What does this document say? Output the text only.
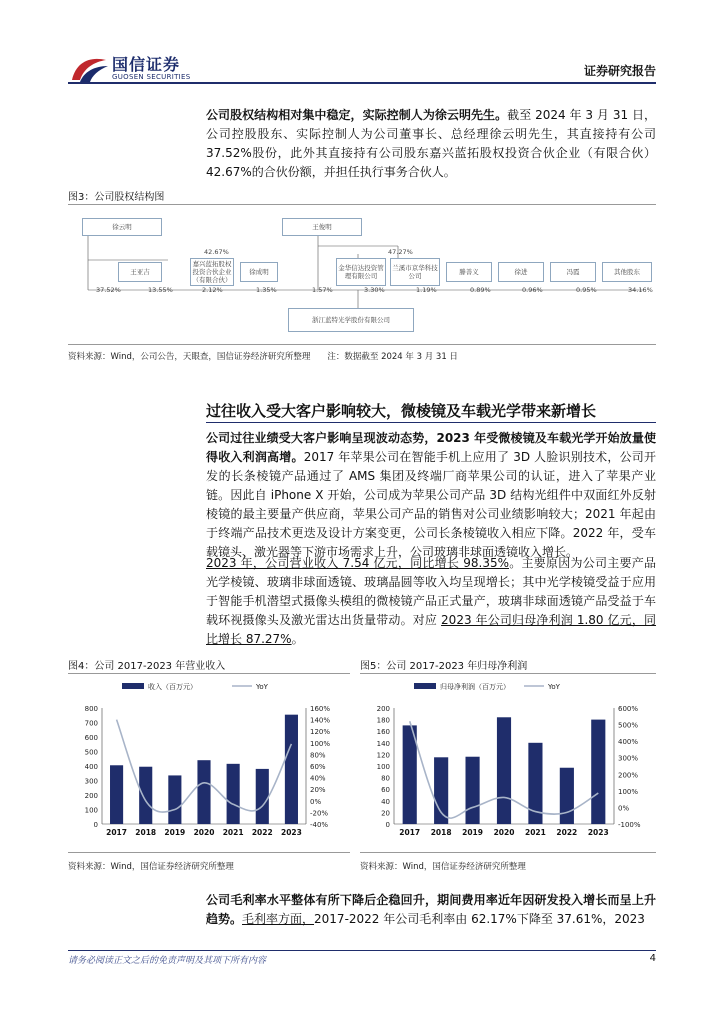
国信证券
GUOSEN SECURITIES	证券研究报告
公司股权结构相对集中稳定，实际控制人为徐云明先生。截至 2024 年 3 月 31 日，公司控股股东、实际控制人为公司董事长、总经理徐云明先生，其直接持有公司 37.52%股份，此外其直接持有公司股东嘉兴蓝拓股权投资合伙企业（有限合伙）42.67%的合伙份额，并担任执行事务合伙人。
图3：公司股权结构图
徐云明	王俊明
42.67%	47.27%
王亚吉
嘉兴蓝拓股权投资合伙企业（有限合伙）
徐成明	金华信达投资管理有限公司
兰溪市京华科技公司	滕善义	徐进	冯霞	其他股东
37.52%	13.55%	2.12%	1.35%	1.57%	3.30%	1.19%	0.89%	0.96%	0.95%	34.16%
浙江蓝特光学股份有限公司
资料来源：Wind，公司公告，天眼查，国信证券经济研究所整理　　注：数据截至 2024 年 3 月 31 日
过往收入受大客户影响较大，微棱镜及车载光学带来新增长
公司过往业绩受大客户影响呈现波动态势，2023 年受微棱镜及车载光学开始放量使得收入利润高增。2017 年苹果公司在智能手机上应用了 3D 人脸识别技术，公司开发的长条棱镜产品通过了 AMS 集团及终端厂商苹果公司的认证，进入了苹果产业链。因此自 iPhone X 开始，公司成为苹果公司产品 3D 结构光组件中双面红外反射棱镜的最主要量产供应商，苹果公司产品的销售对公司业绩影响较大；2021 年起由于终端产品技术更迭及设计方案变更，公司长条棱镜收入相应下降。2022 年，受车载镜头、激光器等下游市场需求上升，公司玻璃非球面透镜收入增长。
2023 年，公司营业收入 7.54 亿元，同比增长 98.35%。主要原因为公司主要产品光学棱镜、玻璃非球面透镜、玻璃晶圆等收入均呈现增长；其中光学棱镜受益于应用于智能手机潜望式摄像头模组的微棱镜产品正式量产，玻璃非球面透镜产品受益于车载环视摄像头及激光雷达出货量带动。对应 2023 年公司归母净利润 1.80 亿元，同比增长 87.27%。
图4：公司 2017-2023 年营业收入	图5：公司 2017-2023 年归母净利润
0
100
200
300
400
500
600
700
800
-40%
-20%
0%
20%
40%
60%
80%
100%
120%
140%
160%
2017 2018 2019 2020 2021 2022 2023
收入（百万元）	YoY
0
20
40
60
80
100
120
140
160
180
200
-100%
0%
100%
200%
300%
400%
500%
600%
2017 2018 2019 2020 2021 2022 2023
归母净利润（百万元）	YoY
资料来源：Wind，国信证券经济研究所整理	资料来源：Wind，国信证券经济研究所整理
公司毛利率水平整体有所下降后企稳回升，期间费用率近年因研发投入增长而呈上升趋势。毛利率方面，2017-2022 年公司毛利率由 62.17%下降至 37.61%，2023
请务必阅读正文之后的免责声明及其项下所有内容	4
